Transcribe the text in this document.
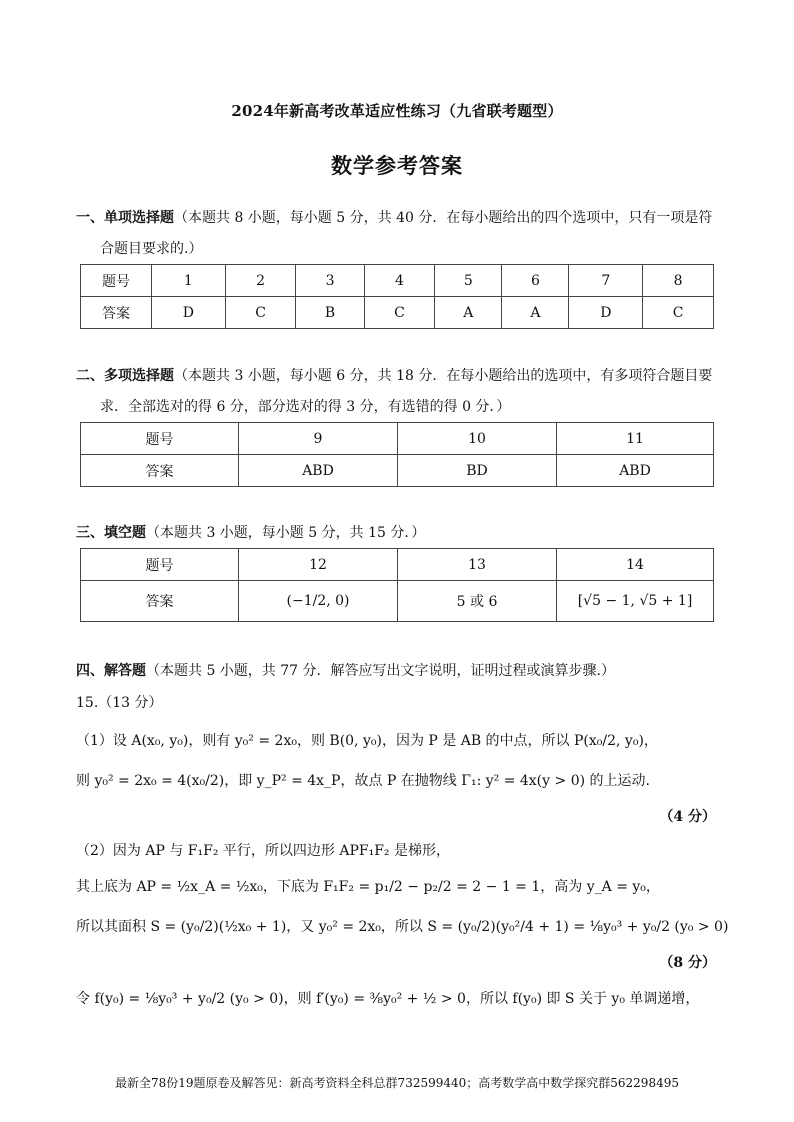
2024年新高考改革适应性练习（九省联考题型）
数学参考答案
一、单项选择题（本题共 8 小题，每小题 5 分，共 40 分．在每小题给出的四个选项中，只有一项是符
合题目要求的.）
题号	1	2	3	4	5	6	7	8
答案	D	C	B	C	A	A	D	C
二、多项选择题（本题共 3 小题，每小题 6 分，共 18 分．在每小题给出的选项中，有多项符合题目要
求．全部选对的得 6 分，部分选对的得 3 分，有选错的得 0 分．）
题号	9	10	11
答案	ABD	BD	ABD
三、填空题（本题共 3 小题，每小题 5 分，共 15 分．）
题号	12	13	14
答案	(−1/2, 0)	5 或 6	[√5 − 1, √5 + 1]
四、解答题（本题共 5 小题，共 77 分．解答应写出文字说明，证明过程或演算步骤.）
15.（13 分）
（1）设 A(x₀, y₀)，则有 y₀² = 2x₀，则 B(0, y₀)，因为 P 是 AB 的中点，所以 P(x₀/2, y₀)，
则 y₀² = 2x₀ = 4(x₀/2)，即 y_P² = 4x_P，故点 P 在抛物线 Γ₁: y² = 4x(y > 0) 的上运动.
（4 分）
（2）因为 AP 与 F₁F₂ 平行，所以四边形 APF₁F₂ 是梯形，
其上底为 AP = ½x_A = ½x₀，下底为 F₁F₂ = p₁/2 − p₂/2 = 2 − 1 = 1，高为 y_A = y₀，
所以其面积 S = (y₀/2)(½x₀ + 1)，又 y₀² = 2x₀，所以 S = (y₀/2)(y₀²/4 + 1) = ⅛y₀³ + y₀/2 (y₀ > 0)
（8 分）
令 f(y₀) = ⅛y₀³ + y₀/2 (y₀ > 0)，则 f′(y₀) = ⅜y₀² + ½ > 0，所以 f(y₀) 即 S 关于 y₀ 单调递增，
最新全78份19题原卷及解答见：新高考资料全科总群732599440；高考数学高中数学探究群562298495
